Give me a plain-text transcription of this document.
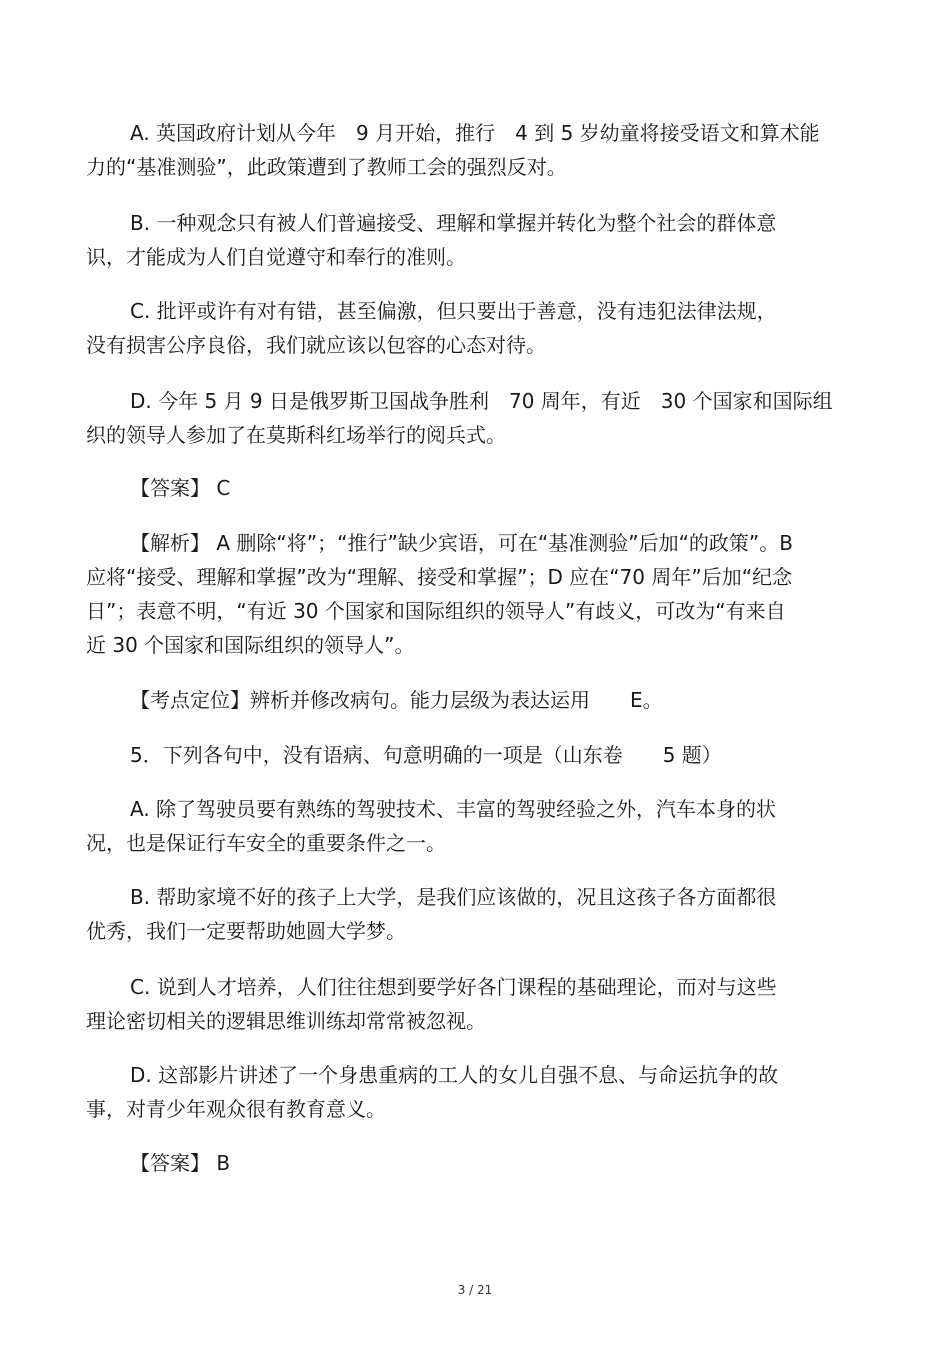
A. 英国政府计划从今年　9 月开始，推行　4 到 5 岁幼童将接受语文和算术能
力的“基准测验”，此政策遭到了教师工会的强烈反对。
B. 一种观念只有被人们普遍接受、理解和掌握并转化为整个社会的群体意
识，才能成为人们自觉遵守和奉行的准则。
C. 批评或许有对有错，甚至偏激，但只要出于善意，没有违犯法律法规，
没有损害公序良俗，我们就应该以包容的心态对待。
D. 今年 5 月 9 日是俄罗斯卫国战争胜利　70 周年，有近　30 个国家和国际组
织的领导人参加了在莫斯科红场举行的阅兵式。

【答案】 C

【解析】 A 删除“将”；“推行”缺少宾语，可在“基准测验”后加“的政策”。B
应将“接受、理解和掌握”改为“理解、接受和掌握”；D 应在“70 周年”后加“纪念
日”；表意不明，“有近 30 个国家和国际组织的领导人”有歧义，可改为“有来自
近 30 个国家和国际组织的领导人”。

【考点定位】辨析并修改病句。能力层级为表达运用　　E。

5．下列各句中，没有语病、句意明确的一项是（山东卷　　5 题）

A. 除了驾驶员要有熟练的驾驶技术、丰富的驾驶经验之外，汽车本身的状
况，也是保证行车安全的重要条件之一。
B. 帮助家境不好的孩子上大学，是我们应该做的，况且这孩子各方面都很
优秀，我们一定要帮助她圆大学梦。
C. 说到人才培养，人们往往想到要学好各门课程的基础理论，而对与这些
理论密切相关的逻辑思维训练却常常被忽视。
D. 这部影片讲述了一个身患重病的工人的女儿自强不息、与命运抗争的故
事，对青少年观众很有教育意义。

【答案】 B

3 / 21
